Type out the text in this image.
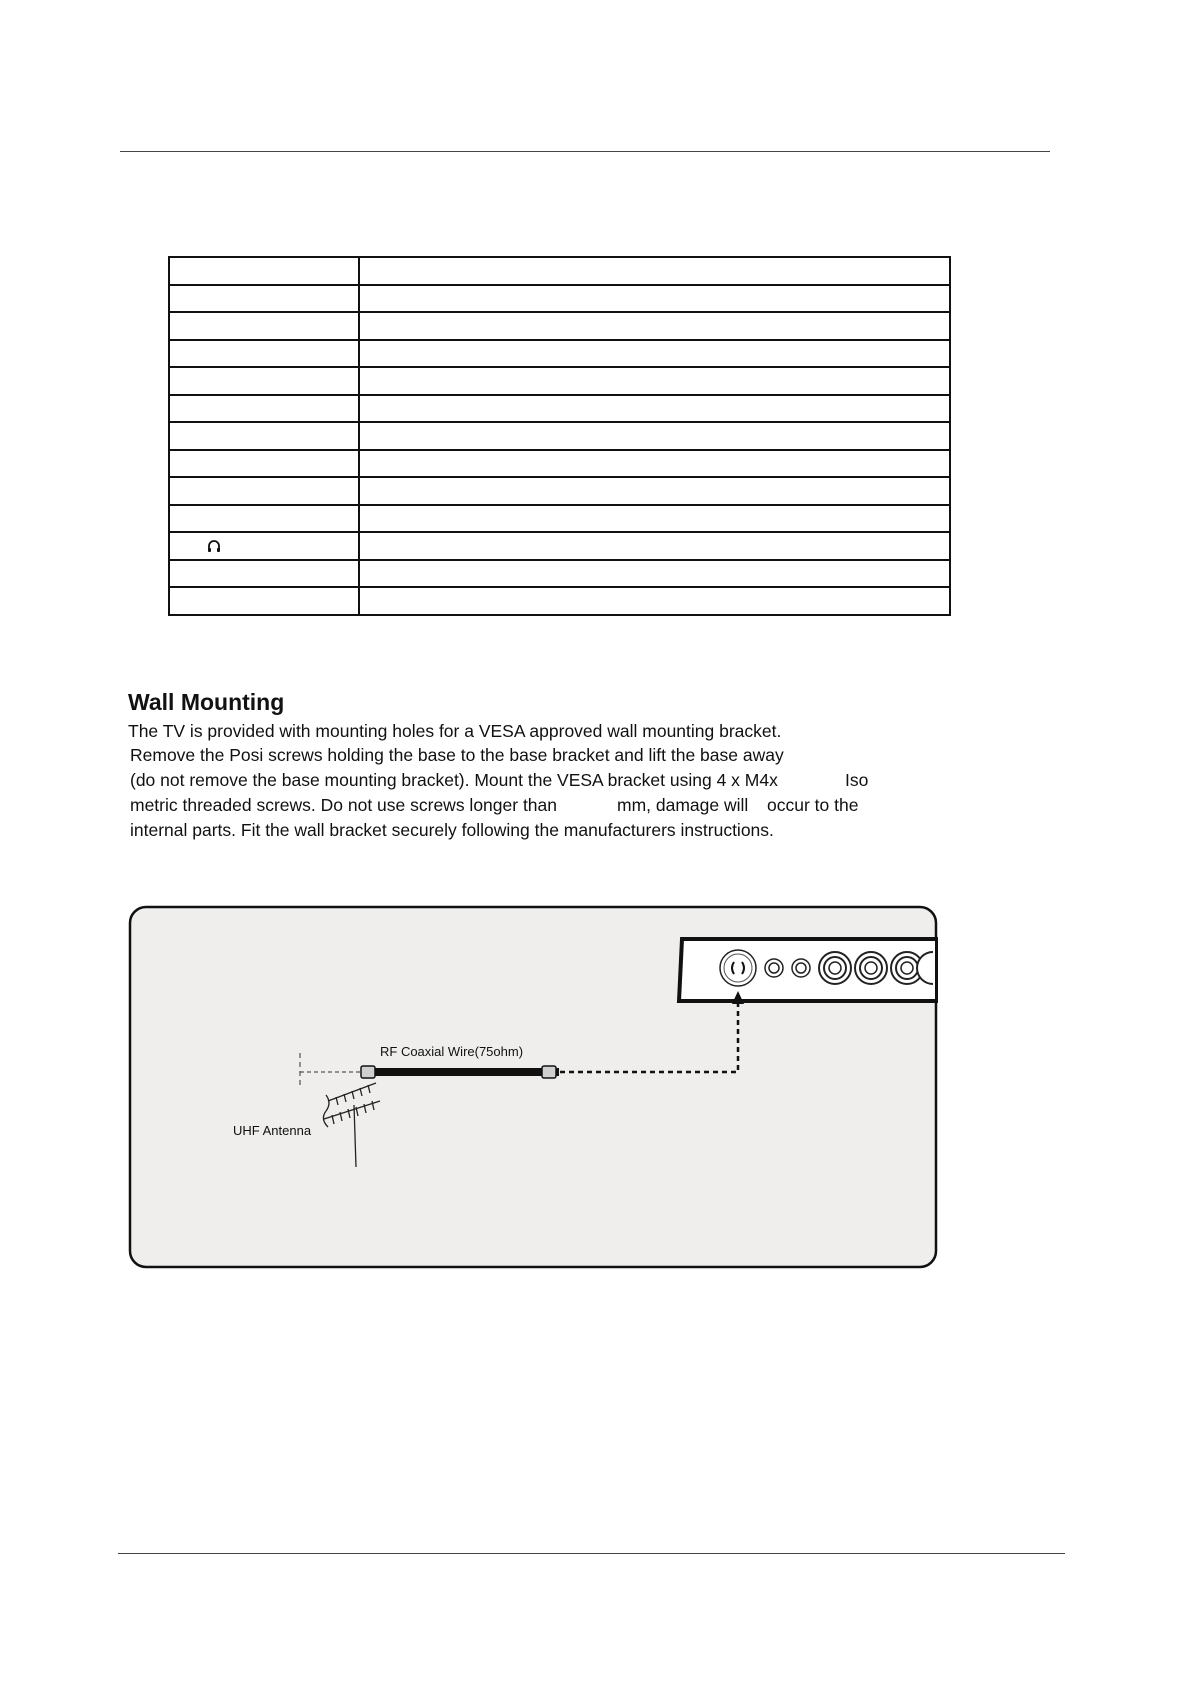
Wall Mounting

The TV is provided with mounting holes for a VESA approved wall mounting bracket.

Remove the Posi screws holding the base to the base bracket and lift the base away

(do not remove the base mounting bracket). Mount the VESA bracket using 4 x M4x	Iso

metric threaded screws. Do not use screws longer than	mm, damage will occur to the

internal parts. Fit the wall bracket securely following the manufacturers instructions.

RF Coaxial Wire(75ohm)
UHF Antenna
